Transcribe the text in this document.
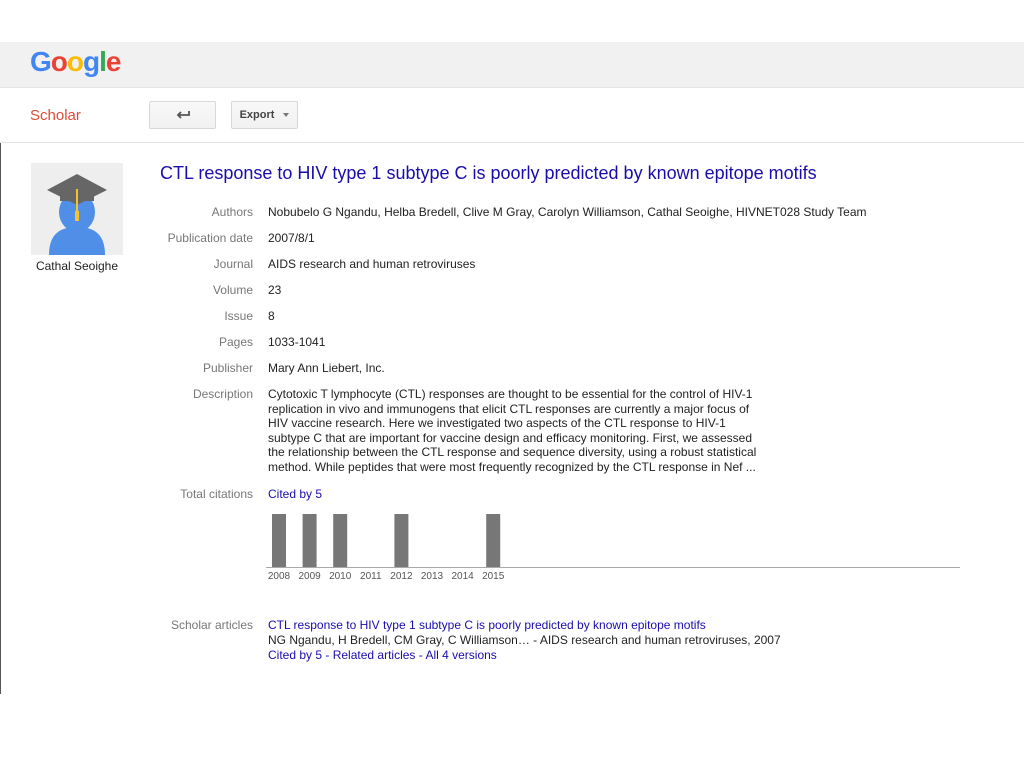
Google
Scholar	Export
Cathal Seoighe
CTL response to HIV type 1 subtype C is poorly predicted by known epitope motifs
Authors Nobubelo G Ngandu, Helba Bredell, Clive M Gray, Carolyn Williamson, Cathal Seoighe, HIVNET028 Study Team
Publication date 2007/8/1
Journal AIDS research and human retroviruses
Volume 23
Issue 8
Pages 1033-1041
Publisher Mary Ann Liebert, Inc.
Description Cytotoxic T lymphocyte (CTL) responses are thought to be essential for the control of HIV-1 replication in vivo and immunogens that elicit CTL responses are currently a major focus of HIV vaccine research. Here we investigated two aspects of the CTL response to HIV-1 subtype C that are important for vaccine design and efficacy monitoring. First, we assessed the relationship between the CTL response and sequence diversity, using a robust statistical method. While peptides that were most frequently recognized by the CTL response in Nef ...
Total citations Cited by 5
2008 2009 2010 2011 2012 2013 2014 2015
Scholar articles CTL response to HIV type 1 subtype C is poorly predicted by known epitope motifs
NG Ngandu, H Bredell, CM Gray, C Williamson… - AIDS research and human retroviruses, 2007
Cited by 5 - Related articles - All 4 versions
